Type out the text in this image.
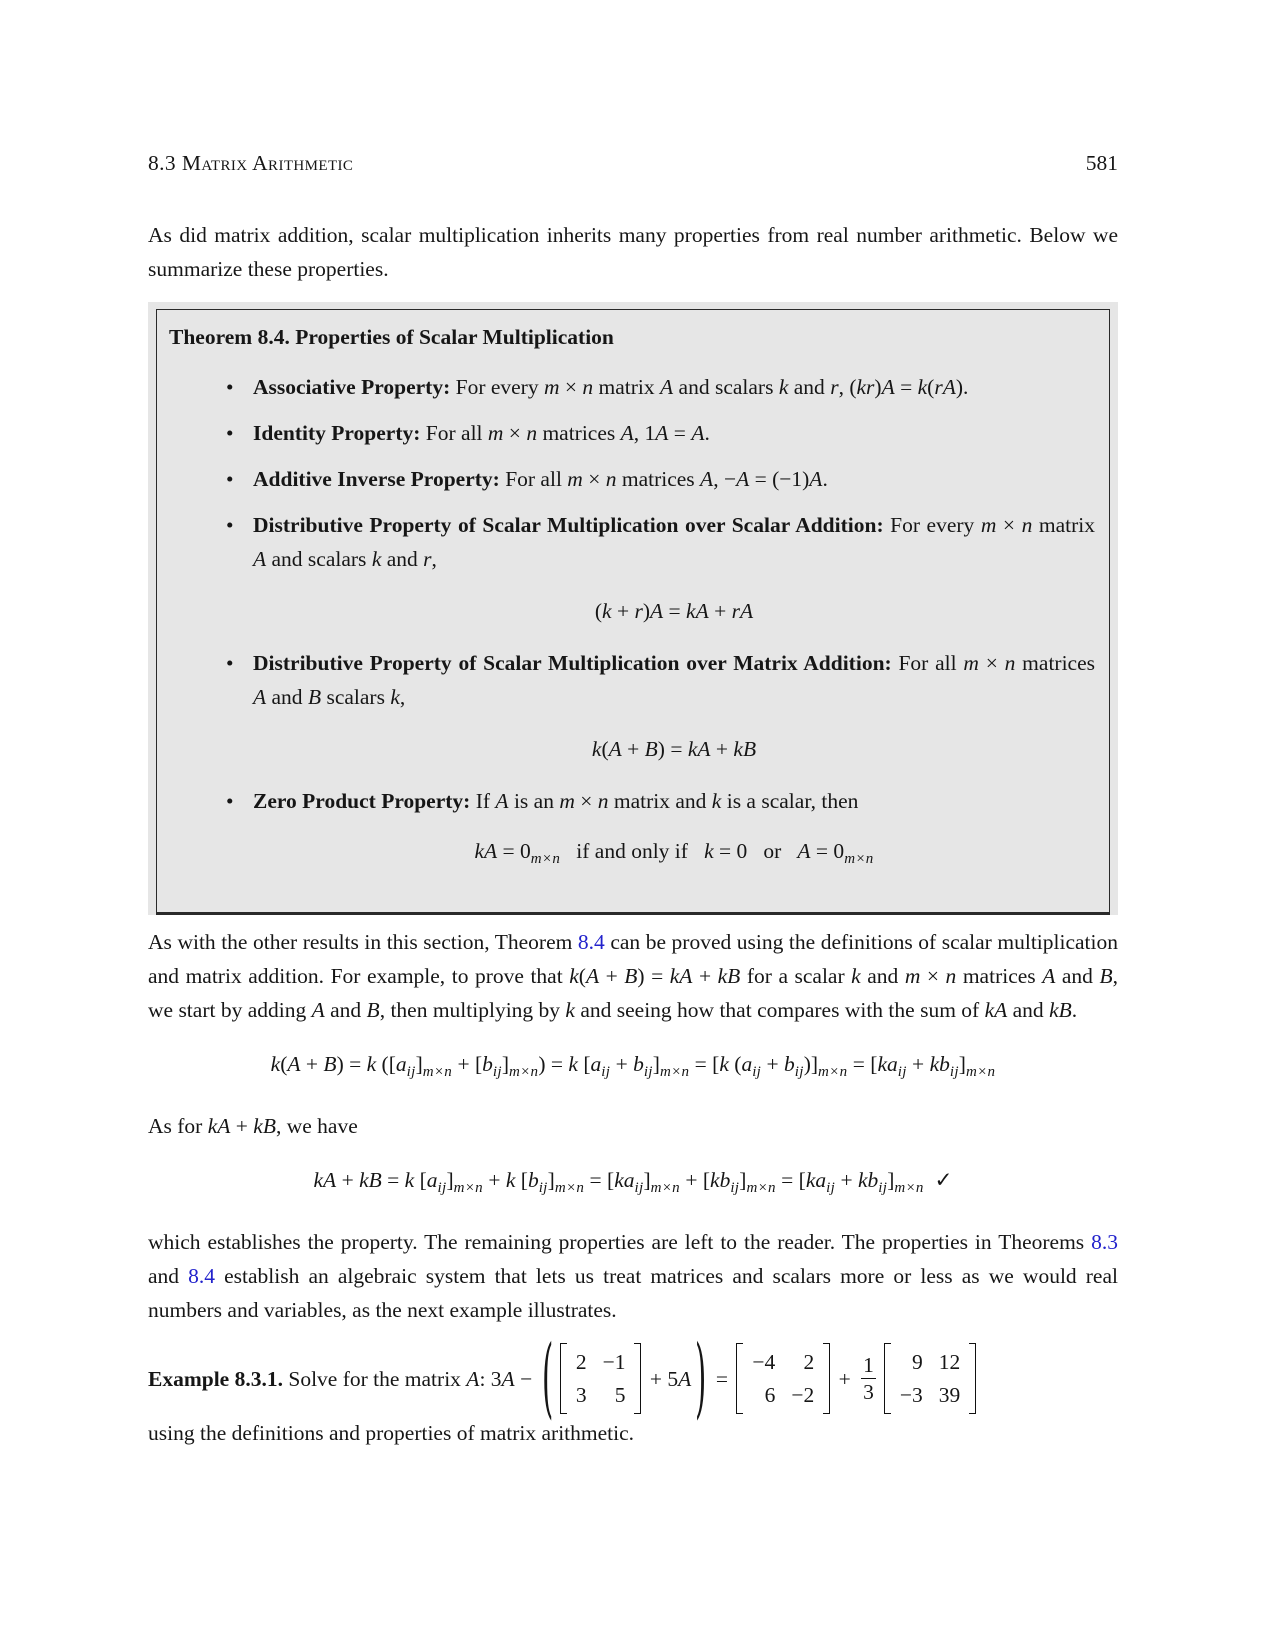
8.3 Matrix Arithmetic	581

As did matrix addition, scalar multiplication inherits many properties from real number arithmetic. Below we summarize these properties.

Theorem 8.4. Properties of Scalar Multiplication
• Associative Property: For every m × n matrix A and scalars k and r, (kr)A = k(rA).
• Identity Property: For all m × n matrices A, 1A = A.
• Additive Inverse Property: For all m × n matrices A, −A = (−1)A.
• Distributive Property of Scalar Multiplication over Scalar Addition: For every m × n matrix A and scalars k and r,
(k + r)A = kA + rA
• Distributive Property of Scalar Multiplication over Matrix Addition: For all m × n matrices A and B scalars k,
k(A + B) = kA + kB
• Zero Product Property: If A is an m × n matrix and k is a scalar, then
kA = $0_{m\times n}$   if and only if   k = 0   or   $A = 0_{m\times n}$

As with the other results in this section, Theorem 8.4 can be proved using the definitions of scalar multiplication and matrix addition. For example, to prove that k(A + B) = kA + kB for a scalar k and m × n matrices A and B, we start by adding A and B, then multiplying by k and seeing how that compares with the sum of kA and kB.

k(A + B) = k $([a_{ij}]_{m\times n} + [b_{ij}]_{m\times n}) = k$ $[a_{ij} + b_{ij}]_{m\times n} = [k$ $(a_{ij} + b_{ij})]_{m\times n} = [ka_{ij} + kb_{ij}]_{m\times n}$

As for kA + kB, we have

kA + kB = k $[a_{ij}]_{m\times n} + k$ $[b_{ij}]_{m\times n} = [ka_{ij}]_{m\times n} + [kb_{ij}]_{m\times n} = [ka_{ij} + kb_{ij}]_{m\times n}$  ✓

which establishes the property. The remaining properties are left to the reader. The properties in Theorems 8.3 and 8.4 establish an algebraic system that lets us treat matrices and scalars more or less as we would real numbers and variables, as the next example illustrates.

Example 8.3.1. Solve for the matrix A: 3A − ( 2 −1
3	5
+ 5A ) =
−4	2
6 −2
+ $\frac{1}{3}$	9 12
−3 39

using the definitions and properties of matrix arithmetic.
